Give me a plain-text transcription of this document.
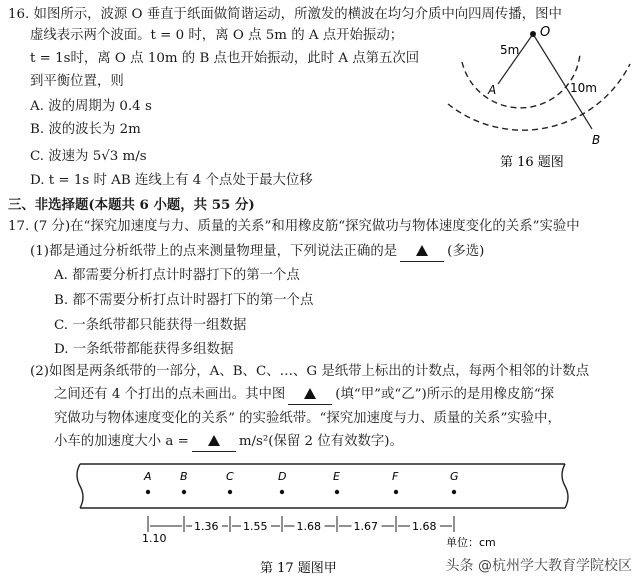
16. 如图所示，波源 O 垂直于纸面做简谐运动，所激发的横波在均匀介质中向四周传播，图中
虚线表示两个波面。t = 0 时，离 O 点 5m 的 A 点开始振动；
t = 1s时，离 O 点 10m 的 B 点也开始振动，此时 A 点第五次回
到平衡位置，则
A. 波的周期为 0.4 s
B. 波的波长为 2m
C. 波速为 5√3 m/s
D. t = 1s 时 AB 连线上有 4 个点处于最大位移
O
5m
10m
A
B
第 16 题图
三、非选择题(本题共 6 小题，共 55 分)
17. (7 分)在“探究加速度与力、质量的关系”和用橡皮筋“探究做功与物体速度变化的关系”实验中
(1)都是通过分析纸带上的点来测量物理量，下列说法正确的是	(多选)
A. 都需要分析打点计时器打下的第一个点
B. 都不需要分析打点计时器打下的第一个点
C. 一条纸带都只能获得一组数据
D. 一条纸带都能获得多组数据
(2)如图是两条纸带的一部分，A、B、C、…、G 是纸带上标出的计数点，每两个相邻的计数点
之间还有 4 个打出的点未画出。其中图	(填“甲”或“乙”)所示的是用橡皮筋“探
究做功与物体速度变化的关系” 的实验纸带。“探究加速度与力、质量的关系”实验中，
小车的加速度大小 a =	m/s²(保留 2 位有效数字)。
A	B	C	D	E	F	G
1.10
1.36 1.55	1.68	1.67	1.68
单位：cm
第 17 题图甲	头条 @杭州学大教育学院校区
